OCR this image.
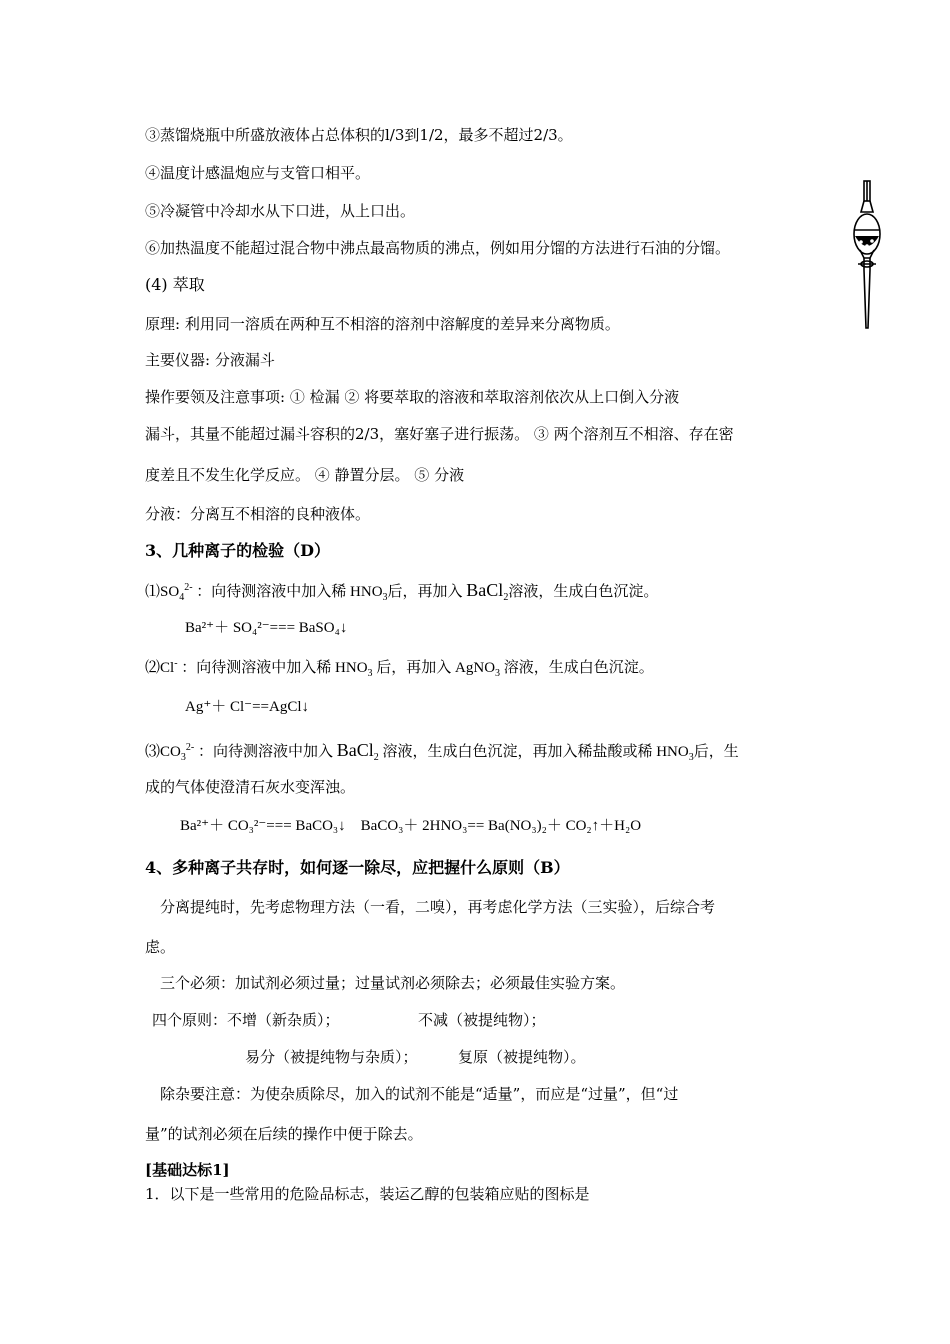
③蒸馏烧瓶中所盛放液体占总体积的l/3到1/2，最多不超过2/3。
④温度计感温炮应与支管口相平。
⑤冷凝管中冷却水从下口进，从上口出。
⑥加热温度不能超过混合物中沸点最高物质的沸点，例如用分馏的方法进行石油的分馏。
(4) 萃取
原理: 利用同一溶质在两种互不相溶的溶剂中溶解度的差异来分离物质。
主要仪器: 分液漏斗
操作要领及注意事项: ① 检漏 ② 将要萃取的溶液和萃取溶剂依次从上口倒入分液
漏斗，其量不能超过漏斗容积的2/3，塞好塞子进行振荡。 ③ 两个溶剂互不相溶、存在密
度差且不发生化学反应。 ④ 静置分层。 ⑤ 分液
分液：分离互不相溶的良种液体。
3、几种离子的检验（D）
$⑴SO_4^{2-}$ ：向待测溶液中加入稀 $HNO_3$后，再加入 BaCl$_2$溶液，生成白色沉淀。
Ba²⁺＋ SO₄²⁻=== BaSO₄↓
⑵Cl- ：向待测溶液中加入稀 $HNO_3$ 后，再加入 AgNO$_3$ 溶液，生成白色沉淀。
Ag⁺＋ Cl⁻==AgCl↓
$⑶CO_3^{2-}$ ：向待测溶液中加入 BaCl$_2$ 溶液，生成白色沉淀，再加入稀盐酸或稀 $HNO_3$后，生
成的气体使澄清石灰水变浑浊。
Ba²⁺＋ CO₃²⁻=== BaCO₃↓    BaCO₃＋ 2HNO₃== Ba(NO₃)₂＋ CO₂↑＋H₂O
4、多种离子共存时，如何逐一除尽，应把握什么原则（B）
分离提纯时，先考虑物理方法（一看，二嗅），再考虑化学方法（三实验），后综合考
虑。
三个必须：加试剂必须过量；过量试剂必须除去；必须最佳实验方案。
四个原则：不增（新杂质）；	不减（被提纯物）；
易分（被提纯物与杂质）；	复原（被提纯物）。
除杂要注意：为使杂质除尽，加入的试剂不能是“适量”，而应是“过量”，但“过
量”的试剂必须在后续的操作中便于除去。
[基础达标1]
1．以下是一些常用的危险品标志，装运乙醇的包装箱应贴的图标是
